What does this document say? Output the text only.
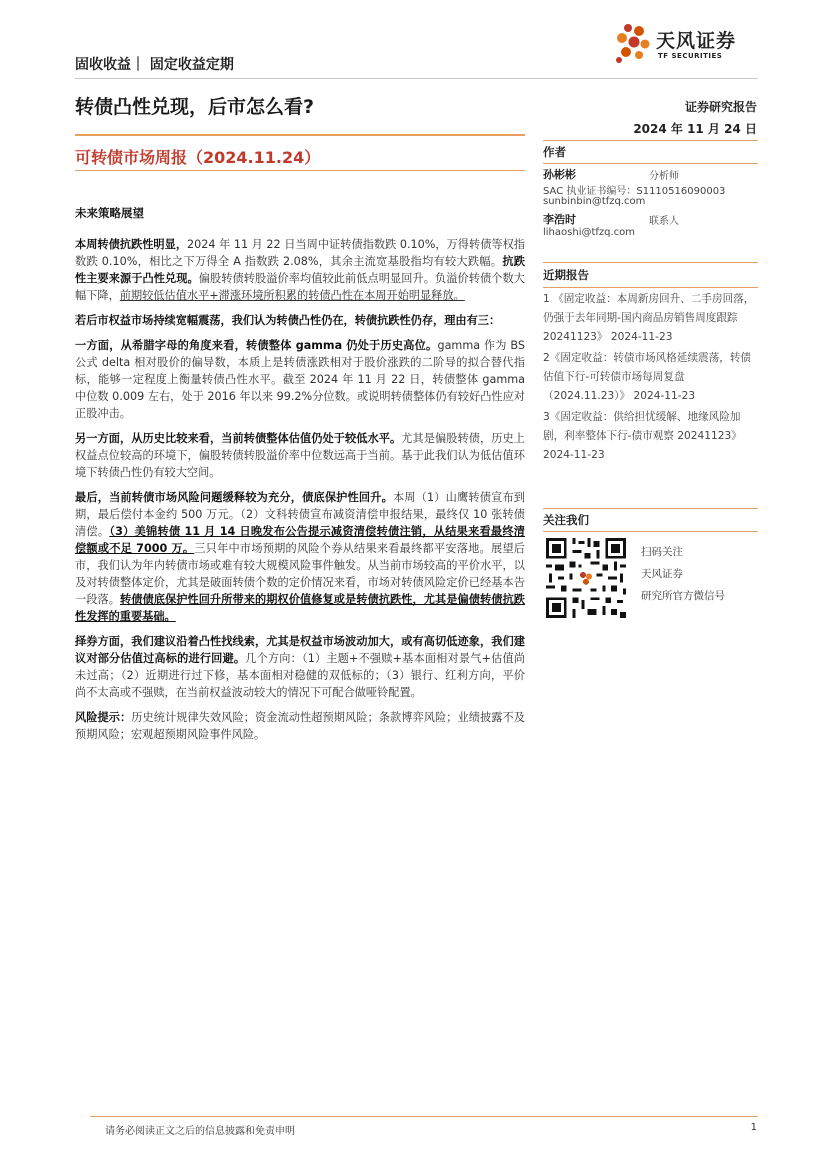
固收收益｜ 固定收益定期
天风证券
TF SECURITIES
转债凸性兑现，后市怎么看?	证券研究报告
2024 年 11 月 24 日
可转债市场周报（2024.11.24）

未来策略展望

本周转债抗跌性明显，2024 年 11 月 22 日当周中证转债指数跌 0.10%，万得转债等权指数跌 0.10%，相比之下万得全 A 指数跌 2.08%，其余主流宽基股指均有较大跌幅。抗跌性主要来源于凸性兑现。偏股转债转股溢价率均值较此前低点明显回升。负溢价转债个数大幅下降，前期较低估值水平+滞涨环境所积累的转债凸性在本周开始明显释放。

若后市权益市场持续宽幅震荡，我们认为转债凸性仍在，转债抗跌性仍存，理由有三：

一方面，从希腊字母的角度来看，转债整体 gamma 仍处于历史高位。gamma 作为 BS 公式 delta 相对股价的偏导数，本质上是转债涨跌相对于股价涨跌的二阶导的拟合替代指标，能够一定程度上衡量转债凸性水平。截至 2024 年 11 月 22 日，转债整体 gamma 中位数 0.009 左右，处于 2016 年以来 99.2%分位数。或说明转债整体仍有较好凸性应对正股冲击。

另一方面，从历史比较来看，当前转债整体估值仍处于较低水平。尤其是偏股转债，历史上权益点位较高的环境下，偏股转债转股溢价率中位数远高于当前。基于此我们认为低估值环境下转债凸性仍有较大空间。

最后，当前转债市场风险问题缓释较为充分，债底保护性回升。本周（1）山鹰转债宣布到期，最后偿付本金约 500 万元。（2）文科转债宣布减资清偿申报结果，最终仅 10 张转债清偿。（3）美锦转债 11 月 14 日晚发布公告提示减资清偿转债注销，从结果来看最终清偿额或不足 7000 万。三只年中市场预期的风险个券从结果来看最终都平安落地。展望后市，我们认为年内转债市场或难有较大规模风险事件触发。从当前市场较高的平价水平，以及对转债整体定价，尤其是破面转债个数的定价情况来看，市场对转债风险定价已经基本告一段落。转债债底保护性回升所带来的期权价值修复或是转债抗跌性，尤其是偏债转债抗跌性发挥的重要基础。

择券方面，我们建议沿着凸性找线索，尤其是权益市场波动加大，或有高切低迹象，我们建议对部分估值过高标的进行回避。几个方向：（1）主题+不强赎+基本面相对景气+估值尚未过高；（2）近期进行过下修，基本面相对稳健的双低标的；（3）银行、红利方向，平价尚不太高或不强赎，在当前权益波动较大的情况下可配合做哑铃配置。

风险提示：历史统计规律失效风险；资金流动性超预期风险；条款博弈风险；业绩披露不及预期风险；宏观超预期风险事件风险。

作者
孙彬彬	分析师
SAC 执业证书编号：S1110516090003
sunbinbin@tfzq.com
李浩时	联系人
lihaoshi@tfzq.com
近期报告
1 《固定收益：本周新房回升、二手房回落，仍强于去年同期-国内商品房销售周度跟踪 20241123》 2024-11-23
2《固定收益：转债市场风格延续震荡，转债估值下行-可转债市场每周复盘（2024.11.23）》 2024-11-23
3《固定收益：供给担忧缓解、地缘风险加剧，利率整体下行-债市观察 20241123》 2024-11-23
关注我们
扫码关注
天风证券
研究所官方微信号
请务必阅读正文之后的信息披露和免责申明	1
